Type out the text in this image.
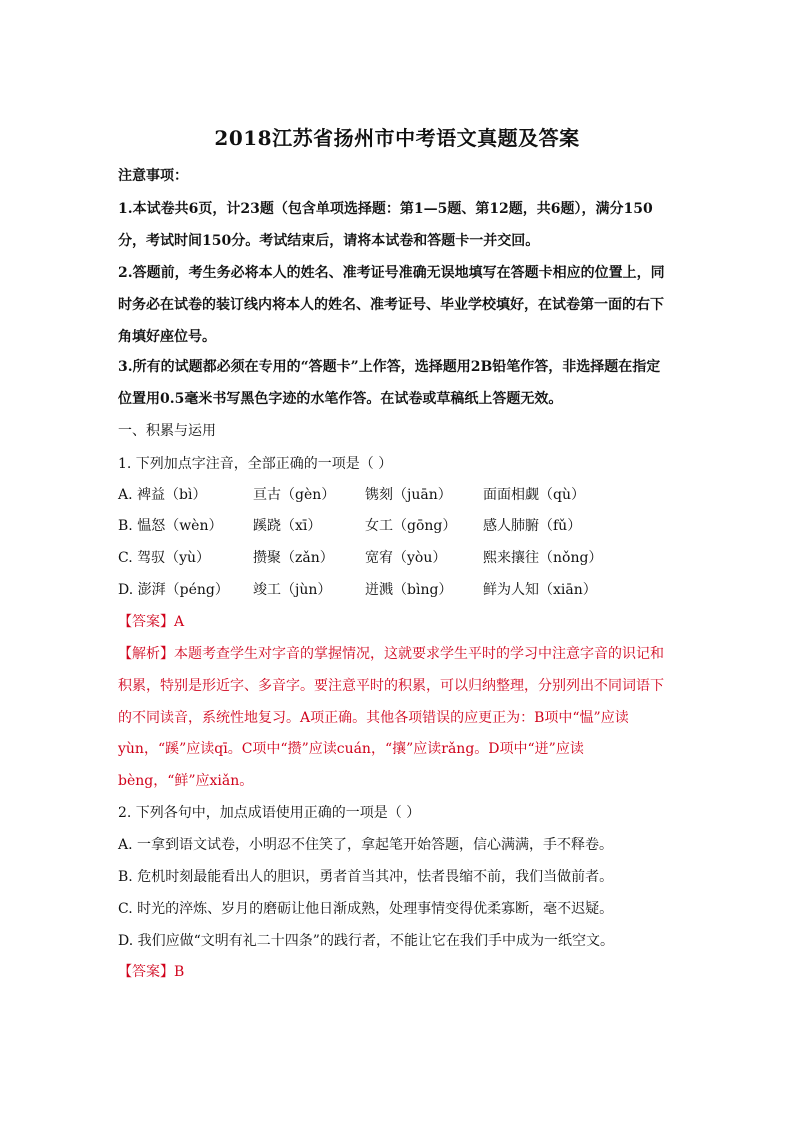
2018江苏省扬州市中考语文真题及答案
注意事项：
1.本试卷共6页，计23题（包含单项选择题：第1—5题、第12题，共6题），满分150
分，考试时间150分。考试结束后，请将本试卷和答题卡一并交回。
2.答题前，考生务必将本人的姓名、准考证号准确无误地填写在答题卡相应的位置上，同
时务必在试卷的装订线内将本人的姓名、准考证号、毕业学校填好，在试卷第一面的右下
角填好座位号。
3.所有的试题都必须在专用的“答题卡”上作答，选择题用2B铅笔作答，非选择题在指定
位置用0.5毫米书写黑色字迹的水笔作答。在试卷或草稿纸上答题无效。
一、积累与运用
1. 下列加点字注音，全部正确的一项是（ ）
A. 裨益（bì）	亘古（gèn） 镌刻（juān） 面面相觑（qù）
B. 愠怒（wèn） 蹊跷（xī）	女工（gōng） 感人肺腑（fǔ）
C. 驾驭（yù）	攒聚（zǎn） 宽宥（yòu）	熙来攘往（nǒng）
D. 澎湃（péng） 竣工（jùn） 迸溅（bìng） 鲜为人知（xiān）
【答案】A
【解析】本题考查学生对字音的掌握情况，这就要求学生平时的学习中注意字音的识记和
积累，特别是形近字、多音字。要注意平时的积累，可以归纳整理，分别列出不同词语下
的不同读音，系统性地复习。A项正确。其他各项错误的应更正为：B项中“愠”应读
yùn，“蹊”应读qī。C项中“攒”应读cuán，“攘”应读rǎng。D项中“迸”应读
bèng，“鲜”应xiǎn。
2. 下列各句中，加点成语使用正确的一项是（ ）
A. 一拿到语文试卷，小明忍不住笑了，拿起笔开始答题，信心满满，手不释卷。
B. 危机时刻最能看出人的胆识，勇者首当其冲，怯者畏缩不前，我们当做前者。
C. 时光的淬炼、岁月的磨砺让他日渐成熟，处理事情变得优柔寡断，毫不迟疑。
D. 我们应做“文明有礼二十四条”的践行者，不能让它在我们手中成为一纸空文。
【答案】B
